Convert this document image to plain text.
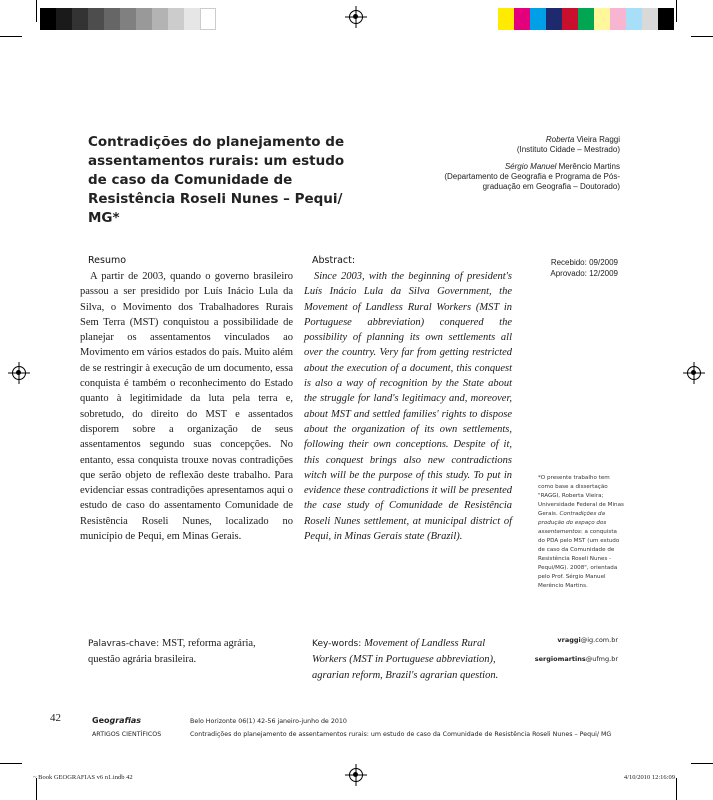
Contradições do planejamento de assentamentos rurais: um estudo de caso da Comunidade de Resistência Roseli Nunes – Pequi/ MG*
Roberta Vieira Raggi
(Instituto Cidade – Mestrado)
Sérgio Manuel Merêncio Martins
(Departamento de Geografia e Programa de Pós-graduação em Geografia – Doutorado)
Resumo

A partir de 2003, quando o governo brasileiro passou a ser presidido por Luís Inácio Lula da Silva, o Movimento dos Trabalhadores Rurais Sem Terra (MST) conquistou a possibilidade de planejar os assentamentos vinculados ao Movimento em vários estados do país. Muito além de se restringir à execução de um documento, essa conquista é também o reconhecimento do Estado quanto à legitimidade da luta pela terra e, sobretudo, do direito do MST e assentados disporem sobre a organização de seus assentamentos segundo suas concepções. No entanto, essa conquista trouxe novas contradições que serão objeto de reflexão deste trabalho. Para evidenciar essas contradições apresentamos aqui o estudo de caso do assentamento Comunidade de Resistência Roseli Nunes, localizado no município de Pequi, em Minas Gerais.

Abstract:

Since 2003, with the beginning of president's Luís Inácio Lula da Silva Government, the Movement of Landless Rural Workers (MST in Portuguese abbreviation) conquered the possibility of planning its own settlements all over the country. Very far from getting restricted about the execution of a document, this conquest is also a way of recognition by the State about the struggle for land's legitimacy and, moreover, about MST and settled families' rights to dispose about the organization of its own settlements, following their own conceptions. Despite of it, this conquest brings also new contradictions witch will be the purpose of this study. To put in evidence these contradictions it will be presented the case study of Comunidade de Resistência Roseli Nunes settlement, at municipal district of Pequi, in Minas Gerais state (Brazil).

Recebido: 09/2009
Aprovado: 12/2009
*O presente trabalho tem como base a dissertação "RAGGI, Roberta Vieira; Universidade Federal de Minas Gerais. Contradições da produção do espaço dos assentamentos: a conquista do PDA pelo MST (um estudo de caso da Comunidade de Resistência Roseli Nunes - Pequi/MG). 2008", orientada pelo Prof. Sérgio Manuel Merêncio Martins.
Palavras-chave: MST, reforma agrária, questão agrária brasileira.
Key-words: Movement of Landless Rural Workers (MST in Portuguese abbreviation), agrarian reform, Brazil's agrarian question.
vraggi@ig.com.br
sergiomartins@ufmg.br
42	Geografias
ARTIGOS CIENTÍFICOS
Belo Horizonte 06(1) 42-56 janeiro-junho de 2010
Contradições do planejamento de assentamentos rurais: um estudo de caso da Comunidade de Resistência Roseli Nunes – Pequi/ MG
~ Book GEOGRAFIAS v6 n1.indb 42	4/10/2010 12:16:09
